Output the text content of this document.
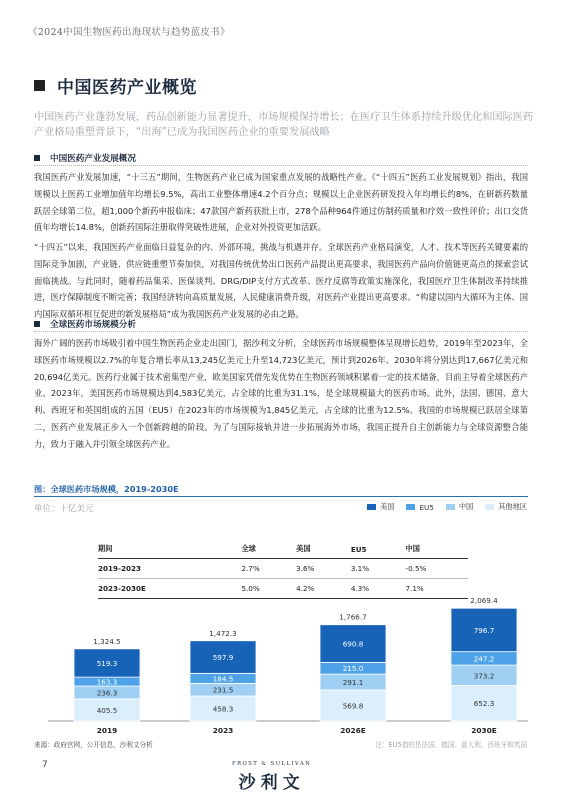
《2024中国生物医药出海现状与趋势蓝皮书》
中国医药产业概览
中国医药产业蓬勃发展，药品创新能力显著提升，市场规模保持增长；在医疗卫生体系持续升级优化和国际医药产业格局重塑背景下，“出海”已成为我国医药企业的重要发展战略
中国医药产业发展概况
我国医药产业发展加速，“十三五”期间，生物医药产业已成为国家重点发展的战略性产业。《“十四五”医药工业发展规划》指出，我国规模以上医药工业增加值年均增长9.5%，高出工业整体增速4.2个百分点；规模以上企业医药研发投入年均增长约8%，在研新药数量跃居全球第二位，超1,000个新药申报临床；47款国产新药获批上市，278个品种964件通过仿制药质量和疗效一致性评价；出口交货值年均增长14.8%，创新药国际注册取得突破性进展，企业对外投资更加活跃。
“十四五”以来，我国医药产业面临日益复杂的内、外部环境，挑战与机遇并存。全球医药产业格局演变，人才、技术等医药关键要素的国际竞争加剧，产业链、供应链重塑节奏加快，对我国传统优势出口医药产品提出更高要求，我国医药产品向价值链更高点的探索尝试面临挑战。与此同时，随着药品集采、医保谈判、DRG/DIP支付方式改革、医疗反腐等政策实施深化，我国医疗卫生体制改革持续推进，医疗保障制度不断完善；我国经济转向高质量发展，人民健康消费升级，对医药产业提出更高要求。“构建以国内大循环为主体、国内国际双循环相互促进的新发展格局”成为我国医药产业发展的必由之路。
全球医药市场规模分析
海外广阔的医药市场吸引着中国生物医药企业走出国门，据沙利文分析，全球医药市场规模整体呈现增长趋势，2019年至2023年，全球医药市场规模以2.7%的年复合增长率从13,245亿美元上升至14,723亿美元，预计到2026年、2030年将分别达到17,667亿美元和20,694亿美元。医药行业属于技术密集型产业，欧美国家凭借先发优势在生物医药领域积累着一定的技术储备，目前主导着全球医药产业。2023年，美国医药市场规模达到4,583亿美元，占全球的比重为31.1%，是全球规模最大的医药市场。此外，法国、德国、意大利、西班牙和英国组成的五国（EU5）在2023年的市场规模为1,845亿美元，占全球的比重为12.5%。我国的市场规模已跃居全球第二，医药产业发展正步入一个创新跨越的阶段。为了与国际接轨并进一步拓展海外市场，我国正提升自主创新能力与全球资源整合能力，致力于融入并引领全球医药产业。
图：全球医药市场规模，2019-2030E
单位：十亿美元	美国	EU5	中国	其他地区
期间	全球	美国	EU5	中国
2019-2023	2.7%	3.6%	3.1%	-0.5%
2023-2030E	5.0%	4.2%	4.3%	7.1%
405.5
236.3
163.3
519.3
1,324.5
2019
458.3
231.5
184.5
597.9
1,472.3
2023
569.8
291.1
215.0
690.8
1,766.7
2026E
652.3
373.2
247.2
796.7
2,069.4
2030E
来源：政府官网，公开信息，沙利文分析	注：EU5指的是法国、德国、意大利、西班牙和英国
7	FROST & SULLIVAN
沙利文
